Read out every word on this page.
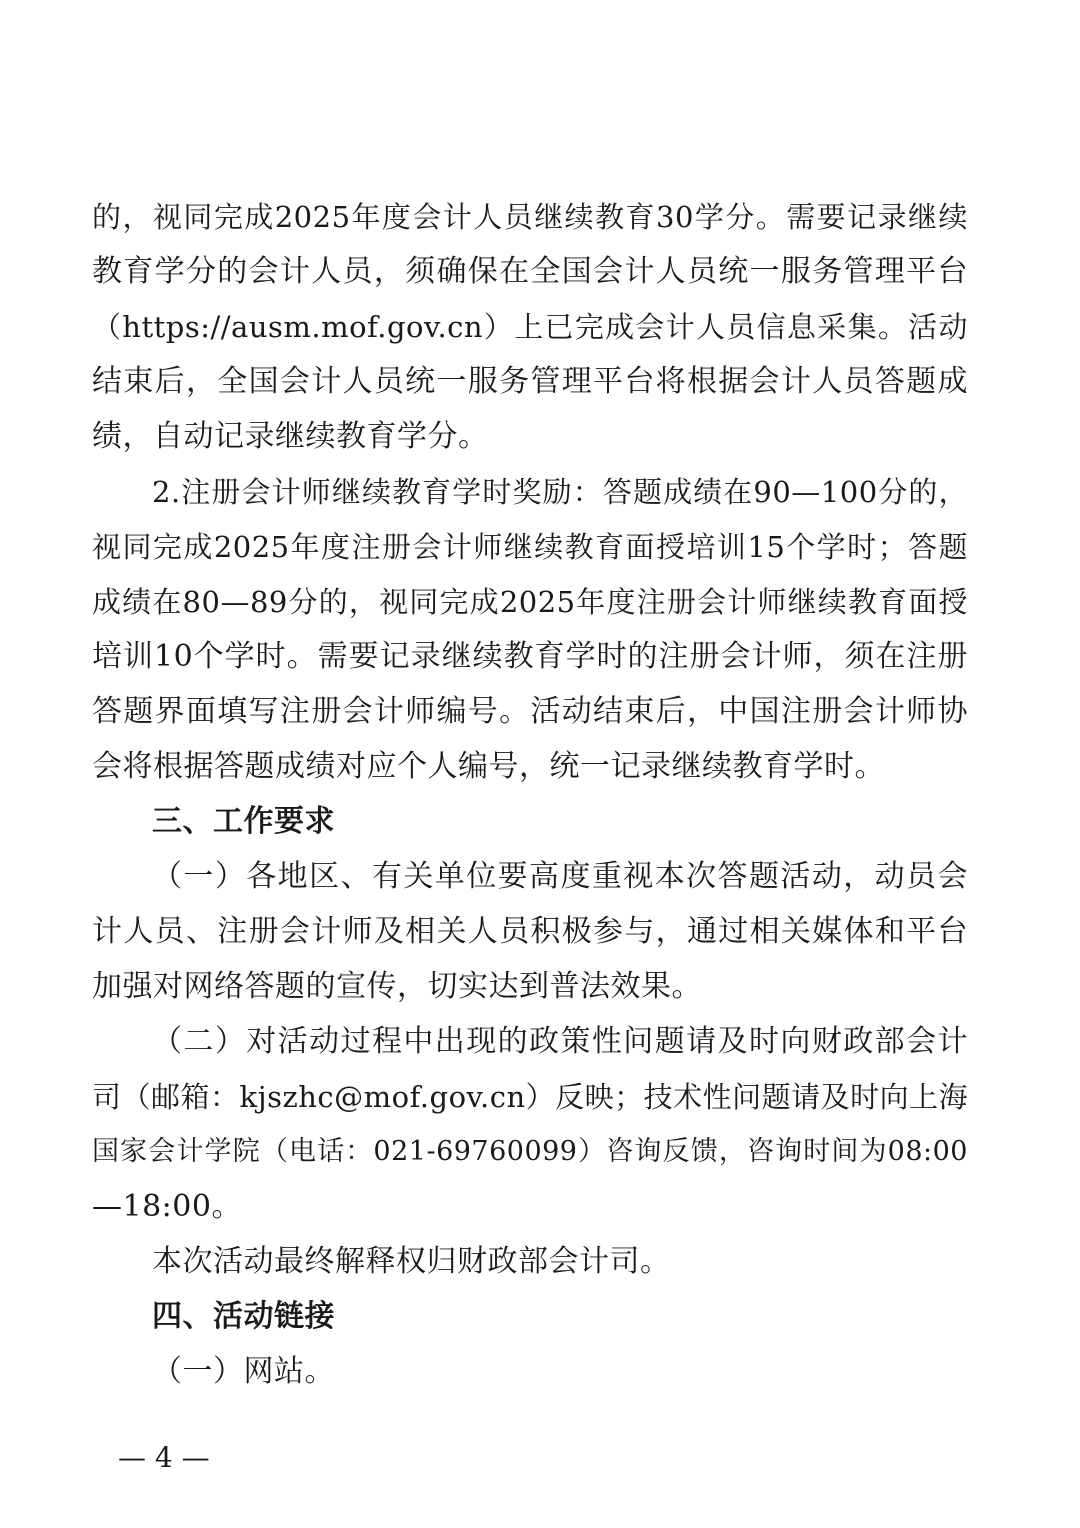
的，视同完成2025年度会计人员继续教育30学分。需要记录继续
教育学分的会计人员，须确保在全国会计人员统一服务管理平台
（https://ausm.mof.gov.cn）上已完成会计人员信息采集。活动
结束后，全国会计人员统一服务管理平台将根据会计人员答题成
绩，自动记录继续教育学分。
2.注册会计师继续教育学时奖励：答题成绩在90—100分的，
视同完成2025年度注册会计师继续教育面授培训15个学时；答题
成绩在80—89分的，视同完成2025年度注册会计师继续教育面授
培训10个学时。需要记录继续教育学时的注册会计师，须在注册
答题界面填写注册会计师编号。活动结束后，中国注册会计师协
会将根据答题成绩对应个人编号，统一记录继续教育学时。
三、工作要求
（一）各地区、有关单位要高度重视本次答题活动，动员会
计人员、注册会计师及相关人员积极参与，通过相关媒体和平台
加强对网络答题的宣传，切实达到普法效果。
（二）对活动过程中出现的政策性问题请及时向财政部会计
司（邮箱：kjszhc@mof.gov.cn）反映；技术性问题请及时向上海
国家会计学院（电话：021-69760099）咨询反馈，咨询时间为08:00
—18:00。
本次活动最终解释权归财政部会计司。
四、活动链接
（一）网站。
— 4 —
